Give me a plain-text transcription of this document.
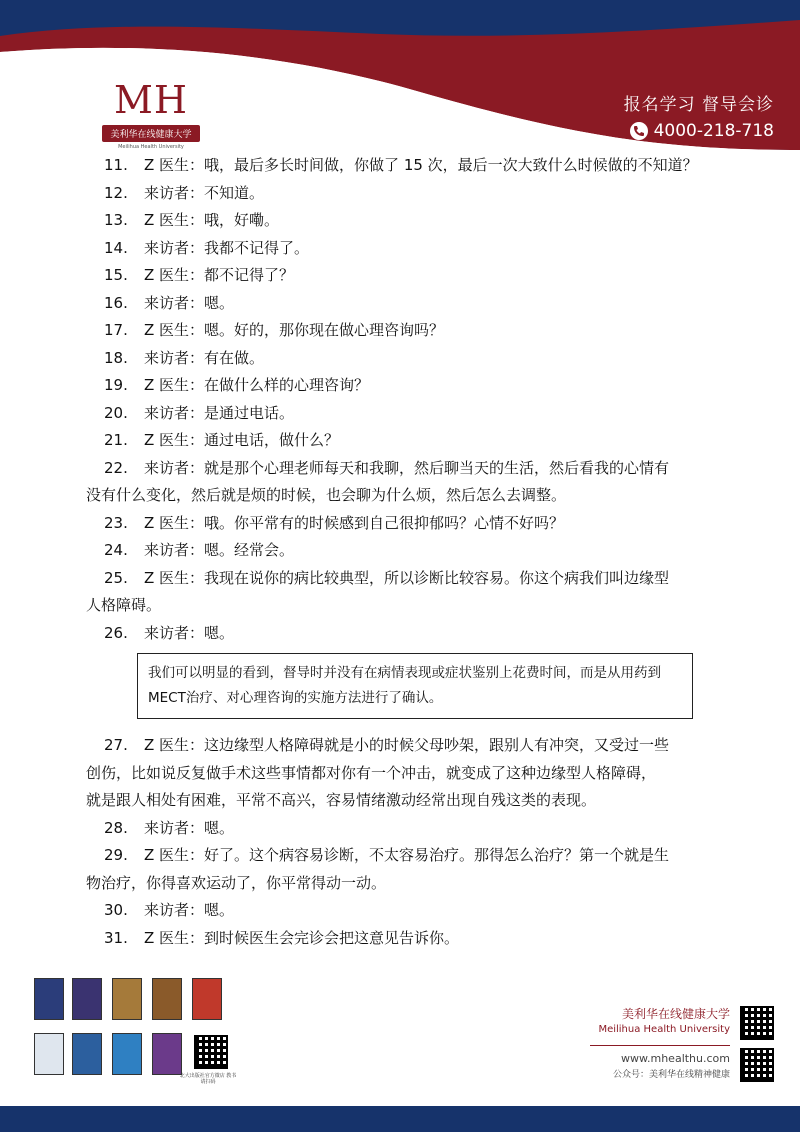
MH
美利华在线健康大学
Meilihua Health University
报名学习 督导会诊
4000-218-718
11. Z 医生：哦，最后多长时间做，你做了 15 次，最后一次大致什么时候做的不知道？
12. 来访者：不知道。
13. Z 医生：哦，好嘞。
14. 来访者：我都不记得了。
15. Z 医生：都不记得了？
16. 来访者：嗯。
17. Z 医生：嗯。好的，那你现在做心理咨询吗？
18. 来访者：有在做。
19. Z 医生：在做什么样的心理咨询？
20. 来访者：是通过电话。
21. Z 医生：通过电话，做什么？
22. 来访者：就是那个心理老师每天和我聊，然后聊当天的生活，然后看我的心情有
没有什么变化，然后就是烦的时候，也会聊为什么烦，然后怎么去调整。
23. Z 医生：哦。你平常有的时候感到自己很抑郁吗？心情不好吗？
24. 来访者：嗯。经常会。
25. Z 医生：我现在说你的病比较典型，所以诊断比较容易。你这个病我们叫边缘型
人格障碍。
26. 来访者：嗯。
我们可以明显的看到，督导时并没有在病情表现或症状鉴别上花费时间，而是从用药到MECT治疗、对心理咨询的实施方法进行了确认。
27. Z 医生：这边缘型人格障碍就是小的时候父母吵架，跟别人有冲突，又受过一些
创伤，比如说反复做手术这些事情都对你有一个冲击，就变成了这种边缘型人格障碍，
就是跟人相处有困难，平常不高兴，容易情绪激动经常出现自残这类的表现。
28. 来访者：嗯。
29. Z 医生：好了。这个病容易诊断，不太容易治疗。那得怎么治疗？第一个就是生
物治疗，你得喜欢运动了，你平常得动一动。
30. 来访者：嗯。
31. Z 医生：到时候医生会完诊会把这意见告诉你。
北大出版社官方微店 教书请扫码
美利华在线健康大学
Meilihua Health University
www.mhealthu.com
公众号：美利华在线精神健康
